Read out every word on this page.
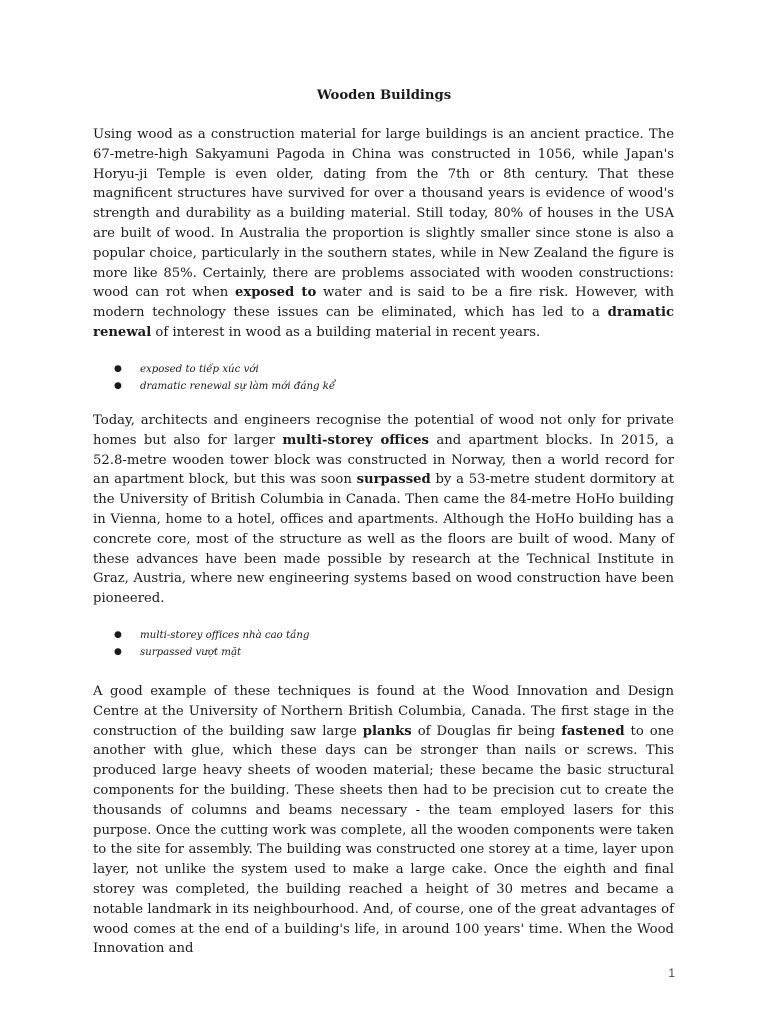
Wooden Buildings

Using wood as a construction material for large buildings is an ancient practice. The 67-metre-high Sakyamuni Pagoda in China was constructed in 1056, while Japan's Horyu-ji Temple is even older, dating from the 7th or 8th century. That these magnificent structures have survived for over a thousand years is evidence of wood's strength and durability as a building material. Still today, 80% of houses in the USA are built of wood. In Australia the proportion is slightly smaller since stone is also a popular choice, particularly in the southern states, while in New Zealand the figure is more like 85%. Certainly, there are problems associated with wooden constructions: wood can rot when exposed to water and is said to be a fire risk. However, with modern technology these issues can be eliminated, which has led to a dramatic renewal of interest in wood as a building material in recent years.

● exposed to tiếp xúc với
● dramatic renewal sự làm mới đáng kể

Today, architects and engineers recognise the potential of wood not only for private homes but also for larger multi-storey offices and apartment blocks. In 2015, a 52.8-metre wooden tower block was constructed in Norway, then a world record for an apartment block, but this was soon surpassed by a 53-metre student dormitory at the University of British Columbia in Canada. Then came the 84-metre HoHo building in Vienna, home to a hotel, offices and apartments. Although the HoHo building has a concrete core, most of the structure as well as the floors are built of wood. Many of these advances have been made possible by research at the Technical Institute in Graz, Austria, where new engineering systems based on wood construction have been pioneered.

● multi-storey offices nhà cao tầng
● surpassed vượt mặt

A good example of these techniques is found at the Wood Innovation and Design Centre at the University of Northern British Columbia, Canada. The first stage in the construction of the building saw large planks of Douglas fir being fastened to one another with glue, which these days can be stronger than nails or screws. This produced large heavy sheets of wooden material; these became the basic structural components for the building. These sheets then had to be precision cut to create the thousands of columns and beams necessary - the team employed lasers for this purpose. Once the cutting work was complete, all the wooden components were taken to the site for assembly. The building was constructed one storey at a time, layer upon layer, not unlike the system used to make a large cake. Once the eighth and final storey was completed, the building reached a height of 30 metres and became a notable landmark in its neighbourhood. And, of course, one of the great advantages of wood comes at the end of a building's life, in around 100 years' time. When the Wood Innovation and

1
